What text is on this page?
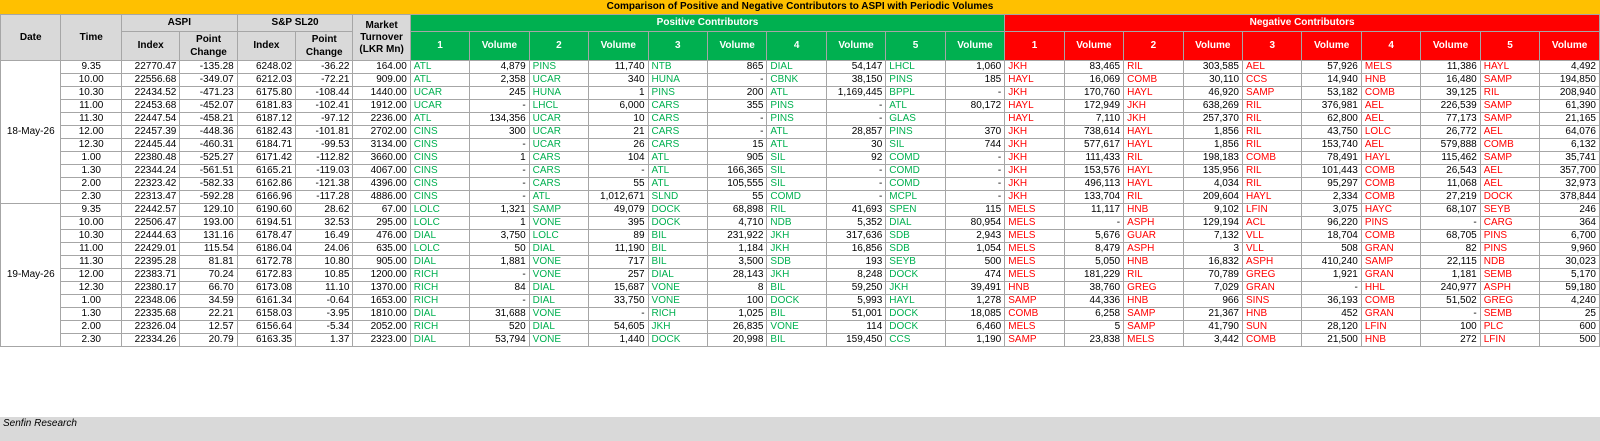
Comparison of Positive and Negative Contributors to ASPI with Periodic Volumes
Date	Time	ASPI		S&P SL20		Market Turnover (LKR Mn)	Positive Contributors										Negative Contributors									
		Index	Point Change	Index	Point Change		1	Volume	2	Volume	3	Volume	4	Volume	5	Volume	1	Volume	2	Volume	3	Volume	4	Volume	5	Volume
18-May-26	9.35	22770.47	-135.28	6248.02	-36.22	164.00	ATL	4,879	PINS	11,740	NTB	865	DIAL	54,147	LHCL	1,060	JKH	83,465	RIL	303,585	AEL	57,926	MELS	11,386	HAYL	4,492
	10.00	22556.68	-349.07	6212.03	-72.21	909.00	ATL	2,358	UCAR	340	HUNA	-	CBNK	38,150	PINS	185	HAYL	16,069	COMB	30,110	CCS	14,940	HNB	16,480	SAMP	194,850
	10.30	22434.52	-471.23	6175.80	-108.44	1440.00	UCAR	245	HUNA	1	PINS	200	ATL	1,169,445	BPPL	-	JKH	170,760	HAYL	46,920	SAMP	53,182	COMB	39,125	RIL	208,940
	11.00	22453.68	-452.07	6181.83	-102.41	1912.00	UCAR	-	LHCL	6,000	CARS	355	PINS	-	ATL	80,172	HAYL	172,949	JKH	638,269	RIL	376,981	AEL	226,539	SAMP	61,390
	11.30	22447.54	-458.21	6187.12	-97.12	2236.00	ATL	134,356	UCAR	10	CARS	-	PINS	-	GLAS		HAYL	7,110	JKH	257,370	RIL	62,800	AEL	77,173	SAMP	21,165
	12.00	22457.39	-448.36	6182.43	-101.81	2702.00	CINS	300	UCAR	21	CARS	-	ATL	28,857	PINS	370	JKH	738,614	HAYL	1,856	RIL	43,750	LOLC	26,772	AEL	64,076
	12.30	22445.44	-460.31	6184.71	-99.53	3134.00	CINS	-	UCAR	26	CARS	15	ATL	30	SIL	744	JKH	577,617	HAYL	1,856	RIL	153,740	AEL	579,888	COMB	6,132
	1.00	22380.48	-525.27	6171.42	-112.82	3660.00	CINS	1	CARS	104	ATL	905	SIL	92	COMD	-	JKH	111,433	RIL	198,183	COMB	78,491	HAYL	115,462	SAMP	35,741
	1.30	22344.24	-561.51	6165.21	-119.03	4067.00	CINS	-	CARS	-	ATL	166,365	SIL	-	COMD	-	JKH	153,576	HAYL	135,956	RIL	101,443	COMB	26,543	AEL	357,700
	2.00	22323.42	-582.33	6162.86	-121.38	4396.00	CINS	-	CARS	55	ATL	105,555	SIL	-	COMD	-	JKH	496,113	HAYL	4,034	RIL	95,297	COMB	11,068	AEL	32,973
	2.30	22313.47	-592.28	6166.96	-117.28	4886.00	CINS	-	ATL	1,012,671	SLND	55	COMD	-	MCPL	-	JKH	133,704	RIL	209,604	HAYL	2,334	COMB	27,219	DOCK	378,844
19-May-26	9.35	22442.57	129.10	6190.60	28.62	67.00	LOLC	1,321	SAMP	49,079	DOCK	68,898	RIL	41,693	SPEN	115	MELS	11,117	HNB	9,102	LFIN	3,075	HAYC	68,107	SEYB	246
	10.00	22506.47	193.00	6194.51	32.53	295.00	LOLC	1	VONE	395	DOCK	4,710	NDB	5,352	DIAL	80,954	MELS	-	ASPH	129,194	ACL	96,220	PINS	-	CARG	364
	10.30	22444.63	131.16	6178.47	16.49	476.00	DIAL	3,750	LOLC	89	BIL	231,922	JKH	317,636	SDB	2,943	MELS	5,676	GUAR	7,132	VLL	18,704	COMB	68,705	PINS	6,700
	11.00	22429.01	115.54	6186.04	24.06	635.00	LOLC	50	DIAL	11,190	BIL	1,184	JKH	16,856	SDB	1,054	MELS	8,479	ASPH	3	VLL	508	GRAN	82	PINS	9,960
	11.30	22395.28	81.81	6172.78	10.80	905.00	DIAL	1,881	VONE	717	BIL	3,500	SDB	193	SEYB	500	MELS	5,050	HNB	16,832	ASPH	410,240	SAMP	22,115	NDB	30,023
	12.00	22383.71	70.24	6172.83	10.85	1200.00	RICH	-	VONE	257	DIAL	28,143	JKH	8,248	DOCK	474	MELS	181,229	RIL	70,789	GREG	1,921	GRAN	1,181	SEMB	5,170
	12.30	22380.17	66.70	6173.08	11.10	1370.00	RICH	84	DIAL	15,687	VONE	8	BIL	59,250	JKH	39,491	HNB	38,760	GREG	7,029	GRAN	-	HHL	240,977	ASPH	59,180
	1.00	22348.06	34.59	6161.34	-0.64	1653.00	RICH	-	DIAL	33,750	VONE	100	DOCK	5,993	HAYL	1,278	SAMP	44,336	HNB	966	SINS	36,193	COMB	51,502	GREG	4,240
	1.30	22335.68	22.21	6158.03	-3.95	1810.00	DIAL	31,688	VONE	-	RICH	1,025	BIL	51,001	DOCK	18,085	COMB	6,258	SAMP	21,367	HNB	452	GRAN	-	SEMB	25
	2.00	22326.04	12.57	6156.64	-5.34	2052.00	RICH	520	DIAL	54,605	JKH	26,835	VONE	114	DOCK	6,460	MELS	5	SAMP	41,790	SUN	28,120	LFIN	100	PLC	600
	2.30	22334.26	20.79	6163.35	1.37	2323.00	DIAL	53,794	VONE	1,440	DOCK	20,998	BIL	159,450	CCS	1,190	SAMP	23,838	MELS	3,442	COMB	21,500	HNB	272	LFIN	500
Senfin Research
